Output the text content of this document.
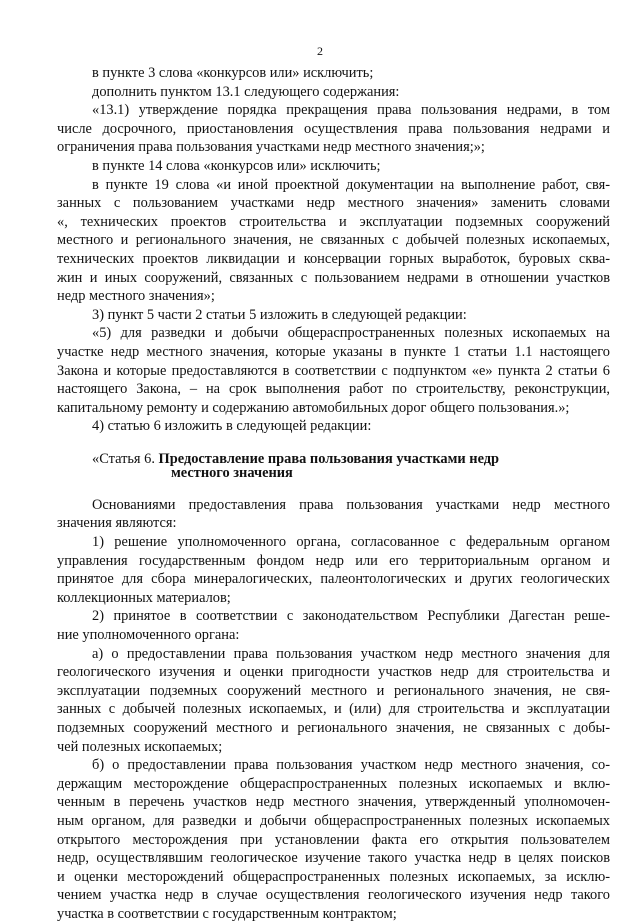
2
в пункте 3 слова «конкурсов или» исключить;
дополнить пунктом 13.1 следующего содержания:
«13.1) утверждение порядка прекращения права пользования недрами, в том
числе досрочного, приостановления осуществления права пользования недрами и
ограничения права пользования участками недр местного значения;»;
в пункте 14 слова «конкурсов или» исключить;
в пункте 19 слова «и иной проектной документации на выполнение работ, свя-
занных с пользованием участками недр местного значения» заменить словами
«, технических проектов строительства и эксплуатации подземных сооружений
местного и регионального значения, не связанных с добычей полезных ископаемых,
технических проектов ликвидации и консервации горных выработок, буровых сква-
жин и иных сооружений, связанных с пользованием недрами в отношении участков
недр местного значения»;
3) пункт 5 части 2 статьи 5 изложить в следующей редакции:
«5) для разведки и добычи общераспространенных полезных ископаемых на
участке недр местного значения, которые указаны в пункте 1 статьи 1.1 настоящего
Закона и которые предоставляются в соответствии с подпунктом «е» пункта 2 статьи 6
настоящего Закона, – на срок выполнения работ по строительству, реконструкции,
капитальному ремонту и содержанию автомобильных дорог общего пользования.»;
4) статью 6 изложить в следующей редакции:
«Статья 6. Предоставление права пользования участками недр
местного значения
Основаниями предоставления права пользования участками недр местного
значения являются:
1) решение уполномоченного органа, согласованное с федеральным органом
управления государственным фондом недр или его территориальным органом и
принятое для сбора минералогических, палеонтологических и других геологических
коллекционных материалов;
2) принятое в соответствии с законодательством Республики Дагестан реше-
ние уполномоченного органа:
а) о предоставлении права пользования участком недр местного значения для
геологического изучения и оценки пригодности участков недр для строительства и
эксплуатации подземных сооружений местного и регионального значения, не свя-
занных с добычей полезных ископаемых, и (или) для строительства и эксплуатации
подземных сооружений местного и регионального значения, не связанных с добы-
чей полезных ископаемых;
б) о предоставлении права пользования участком недр местного значения, со-
держащим месторождение общераспространенных полезных ископаемых и вклю-
ченным в перечень участков недр местного значения, утвержденный уполномочен-
ным органом, для разведки и добычи общераспространенных полезных ископаемых
открытого месторождения при установлении факта его открытия пользователем
недр, осуществлявшим геологическое изучение такого участка недр в целях поисков
и оценки месторождений общераспространенных полезных ископаемых, за исклю-
чением участка недр в случае осуществления геологического изучения недр такого
участка в соответствии с государственным контрактом;
